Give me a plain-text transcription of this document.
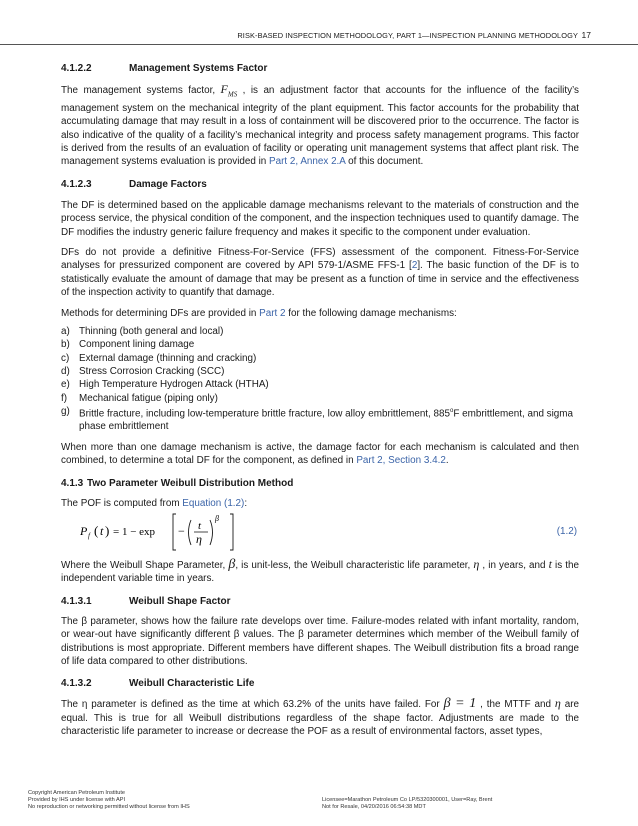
RISK-BASED INSPECTION METHODOLOGY, PART 1—INSPECTION PLANNING METHODOLOGY 17
4.1.2.2	Management Systems Factor

The management systems factor, $F_{MS}$ , is an adjustment factor that accounts for the influence of the facility’s management system on the mechanical integrity of the plant equipment. This factor accounts for the probability that accumulating damage that may result in a loss of containment will be discovered prior to the occurrence. The factor is also indicative of the quality of a facility’s mechanical integrity and process safety management programs. This factor is derived from the results of an evaluation of facility or operating unit management systems that affect plant risk. The management systems evaluation is provided in Part 2, Annex 2.A of this document.

4.1.2.3	Damage Factors

The DF is determined based on the applicable damage mechanisms relevant to the materials of construction and the process service, the physical condition of the component, and the inspection techniques used to quantify damage. The DF modifies the industry generic failure frequency and makes it specific to the component under evaluation.

DFs do not provide a definitive Fitness-For-Service (FFS) assessment of the component. Fitness-For-Service analyses for pressurized component are covered by API 579-1/ASME FFS-1 [2]. The basic function of the DF is to statistically evaluate the amount of damage that may be present as a function of time in service and the effectiveness of the inspection activity to quantify that damage.

Methods for determining DFs are provided in Part 2 for the following damage mechanisms:

a) Thinning (both general and local)
b) Component lining damage
c) External damage (thinning and cracking)
d) Stress Corrosion Cracking (SCC)
e) High Temperature Hydrogen Attack (HTHA)
f)	Mechanical fatigue (piping only)
g) Brittle fracture, including low-temperature brittle fracture, low alloy embrittlement, 885$^o$F embrittlement, and sigma phase embrittlement

When more than one damage mechanism is active, the damage factor for each mechanism is calculated and then combined, to determine a total DF for the component, as defined in Part 2, Section 3.4.2.

4.1.3 Two Parameter Weibull Distribution Method

The POF is computed from Equation (1.2):

P f ( t ) = 1 − exp − t
η
β
(1.2)

Where the Weibull Shape Parameter, β, is unit-less, the Weibull characteristic life parameter, η , in years, and t is the independent variable time in years.

4.1.3.1	Weibull Shape Factor

The β parameter, shows how the failure rate develops over time. Failure-modes related with infant mortality, random, or wear-out have significantly different β values. The β parameter determines which member of the Weibull family of distributions is most appropriate. Different members have different shapes. The Weibull distribution fits a broad range of life data compared to other distributions.

4.1.3.2	Weibull Characteristic Life

The η parameter is defined as the time at which 63.2% of the units have failed. For β = 1 , the MTTF and η are equal. This is true for all Weibull distributions regardless of the shape factor. Adjustments are made to the characteristic life parameter to increase or decrease the POF as a result of environmental factors, asset types,

Copyright American Petroleum Institute
Provided by IHS under license with API
No reproduction or networking permitted without license from IHS
Licensee=Marathon Petroleum Co LP/5320300001, User=Ray, Brent
Not for Resale, 04/20/2016 06:54:38 MDT
